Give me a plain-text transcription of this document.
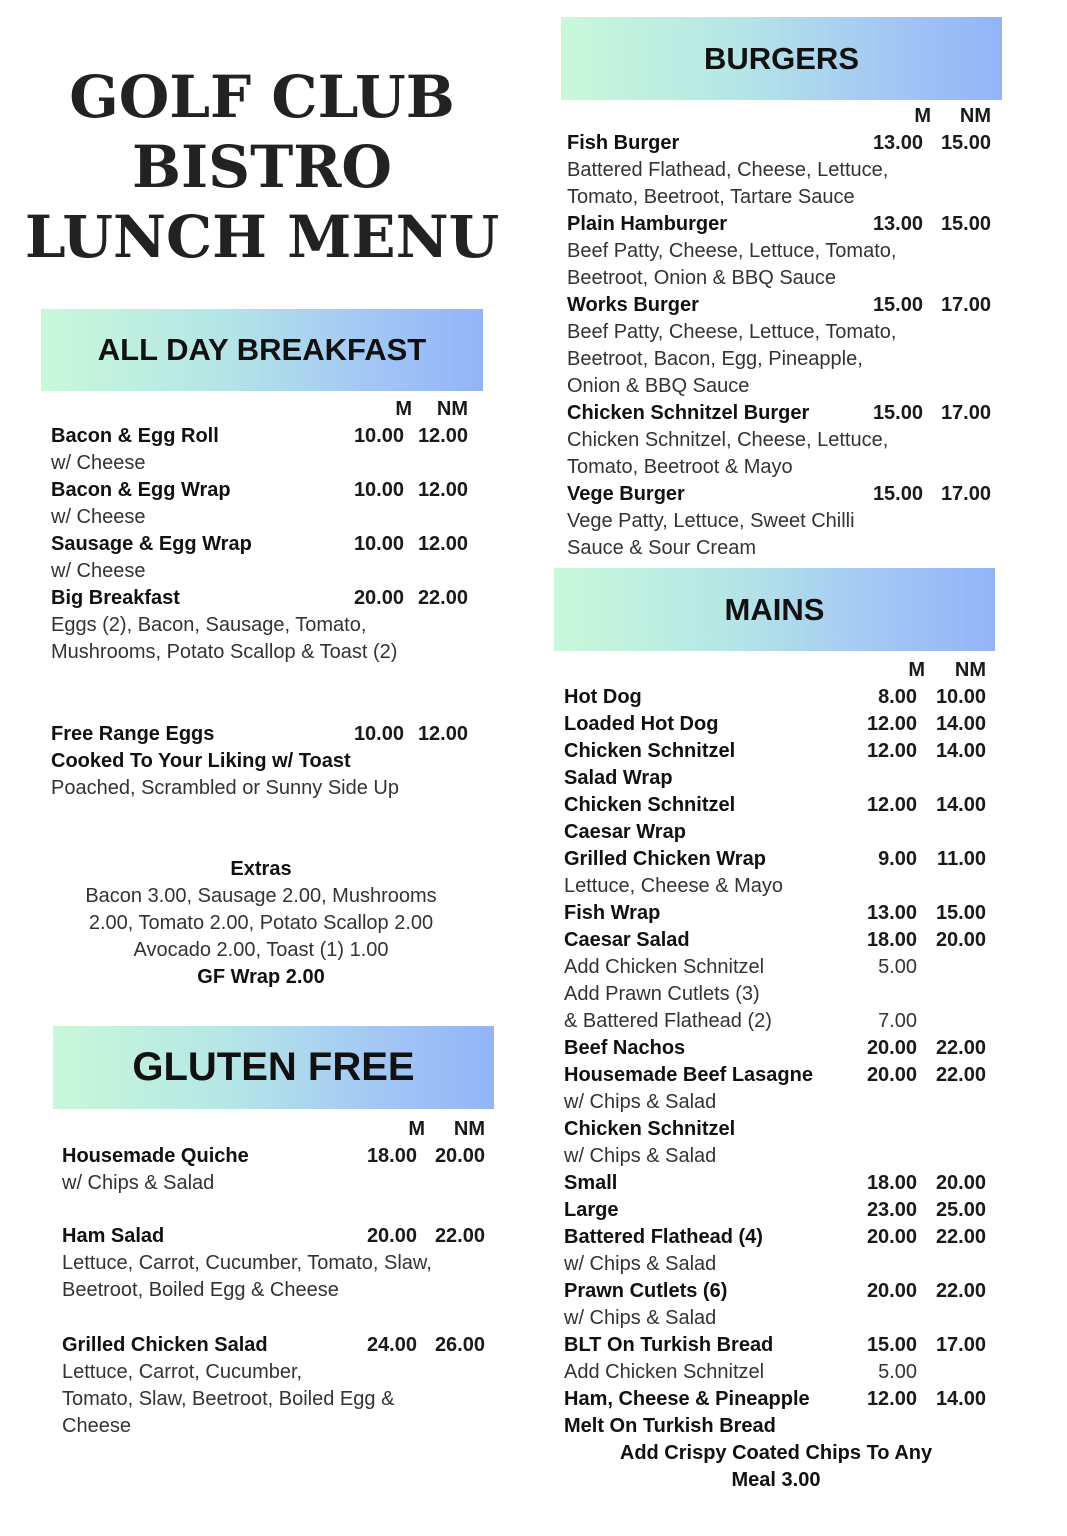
GOLF CLUB
BISTRO
LUNCH MENU
ALL DAY BREAKFAST
M NM
Bacon & Egg Roll	10.00 12.00
w/ Cheese
Bacon & Egg Wrap	10.00 12.00
w/ Cheese
Sausage & Egg Wrap	10.00 12.00
w/ Cheese
Big Breakfast	20.00 22.00
Eggs (2), Bacon, Sausage, Tomato,
Mushrooms, Potato Scallop & Toast (2)
Free Range Eggs	10.00 12.00
Cooked To Your Liking w/ Toast
Poached, Scrambled or Sunny Side Up
Extras
Bacon 3.00, Sausage 2.00, Mushrooms
2.00, Tomato 2.00, Potato Scallop 2.00
Avocado 2.00, Toast (1) 1.00
GF Wrap 2.00
GLUTEN FREE
M NM
Housemade Quiche	18.00 20.00
w/ Chips & Salad
Ham Salad	20.00 22.00
Lettuce, Carrot, Cucumber, Tomato, Slaw,
Beetroot, Boiled Egg & Cheese
Grilled Chicken Salad	24.00 26.00
Lettuce, Carrot, Cucumber,
Tomato, Slaw, Beetroot, Boiled Egg &
Cheese
BURGERS
M NM
Fish Burger	13.00 15.00
Battered Flathead, Cheese, Lettuce,
Tomato, Beetroot, Tartare Sauce
Plain Hamburger	13.00 15.00
Beef Patty, Cheese, Lettuce, Tomato,
Beetroot, Onion & BBQ Sauce
Works Burger	15.00 17.00
Beef Patty, Cheese, Lettuce, Tomato,
Beetroot, Bacon, Egg, Pineapple,
Onion & BBQ Sauce
Chicken Schnitzel Burger	15.00 17.00
Chicken Schnitzel, Cheese, Lettuce,
Tomato, Beetroot & Mayo
Vege Burger	15.00 17.00
Vege Patty, Lettuce, Sweet Chilli
Sauce & Sour Cream
MAINS
M NM
Hot Dog	8.00 10.00
Loaded Hot Dog	12.00 14.00
Chicken Schnitzel	12.00 14.00
Salad Wrap
Chicken Schnitzel	12.00 14.00
Caesar Wrap
Grilled Chicken Wrap	9.00 11.00
Lettuce, Cheese & Mayo
Fish Wrap	13.00 15.00
Caesar Salad	18.00 20.00
Add Chicken Schnitzel	5.00
Add Prawn Cutlets (3)
& Battered Flathead (2)	7.00
Beef Nachos	20.00 22.00
Housemade Beef Lasagne	20.00 22.00
w/ Chips & Salad
Chicken Schnitzel
w/ Chips & Salad
Small	18.00 20.00
Large	23.00 25.00
Battered Flathead (4)	20.00 22.00
w/ Chips & Salad
Prawn Cutlets (6)	20.00 22.00
w/ Chips & Salad
BLT On Turkish Bread	15.00 17.00
Add Chicken Schnitzel	5.00
Ham, Cheese & Pineapple	12.00 14.00
Melt On Turkish Bread
Add Crispy Coated Chips To Any
Meal 3.00
